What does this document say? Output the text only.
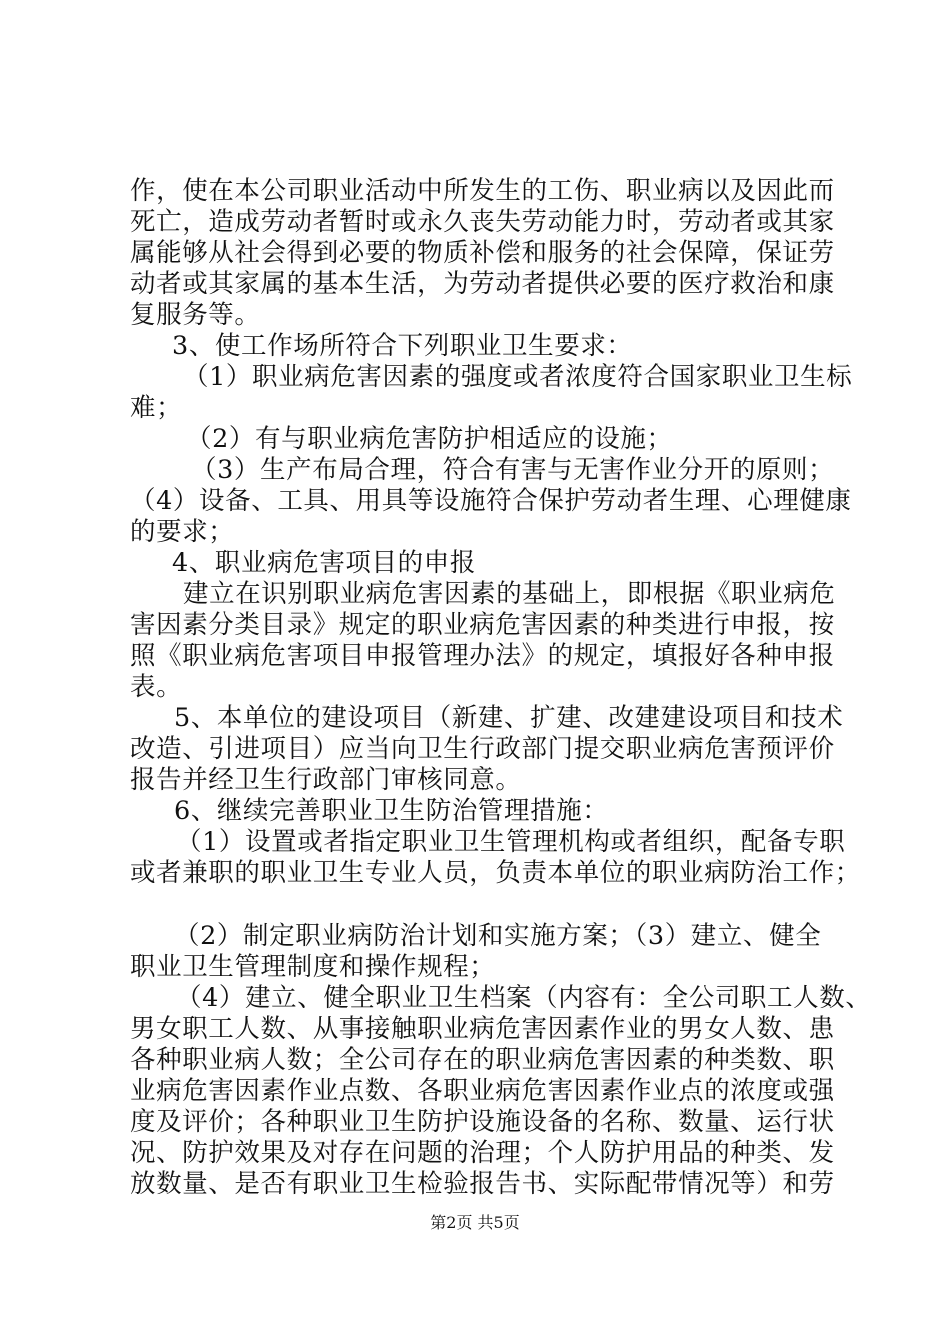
作，使在本公司职业活动中所发生的工伤、职业病以及因此而
死亡，造成劳动者暂时或永久丧失劳动能力时，劳动者或其家
属能够从社会得到必要的物质补偿和服务的社会保障，保证劳
动者或其家属的基本生活，为劳动者提供必要的医疗救治和康
复服务等。
3、使工作场所符合下列职业卫生要求：
（1）职业病危害因素的强度或者浓度符合国家职业卫生标
难；
（2）有与职业病危害防护相适应的设施；
（3）生产布局合理，符合有害与无害作业分开的原则；
（4）设备、工具、用具等设施符合保护劳动者生理、心理健康
的要求；
4、职业病危害项目的申报
建立在识别职业病危害因素的基础上，即根据《职业病危
害因素分类目录》规定的职业病危害因素的种类进行申报，按
照《职业病危害项目申报管理办法》的规定，填报好各种申报
表。
5、本单位的建设项目（新建、扩建、改建建设项目和技术
改造、引进项目）应当向卫生行政部门提交职业病危害预评价
报告并经卫生行政部门审核同意。
6、继续完善职业卫生防治管理措施：
（1）设置或者指定职业卫生管理机构或者组织，配备专职
或者兼职的职业卫生专业人员，负责本单位的职业病防治工作；
（2）制定职业病防治计划和实施方案；（3）建立、健全
职业卫生管理制度和操作规程；
（4）建立、健全职业卫生档案（内容有：全公司职工人数、
男女职工人数、从事接触职业病危害因素作业的男女人数、患
各种职业病人数；全公司存在的职业病危害因素的种类数、职
业病危害因素作业点数、各职业病危害因素作业点的浓度或强
度及评价；各种职业卫生防护设施设备的名称、数量、运行状
况、防护效果及对存在问题的治理；个人防护用品的种类、发
放数量、是否有职业卫生检验报告书、实际配带情况等）和劳
第2页 共5页
